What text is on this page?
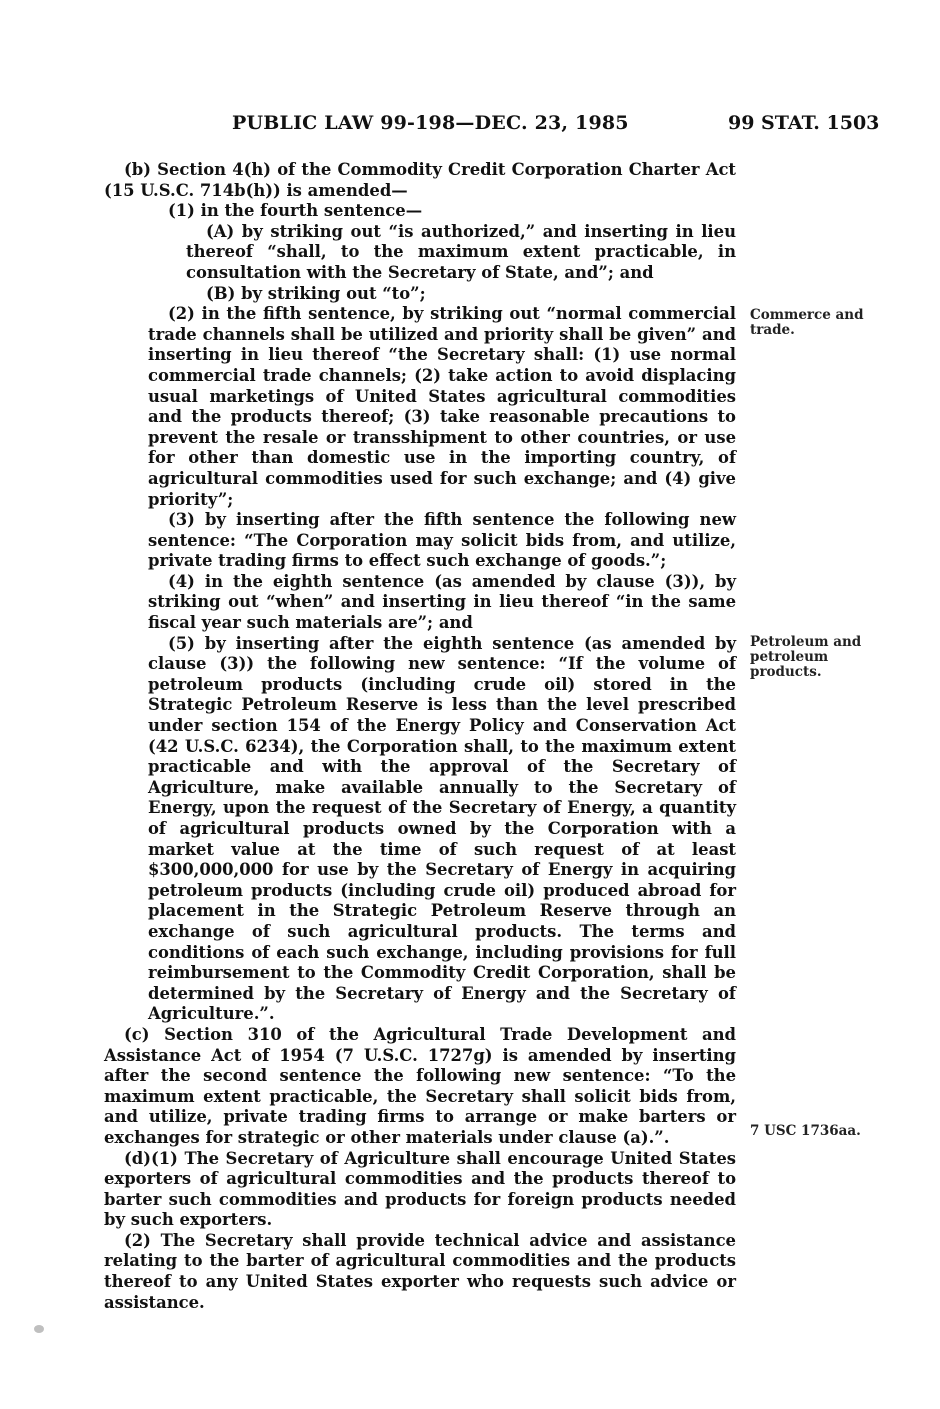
PUBLIC LAW 99-198—DEC. 23, 1985	99 STAT. 1503

(b) Section 4(h) of the Commodity Credit Corporation Charter Act (15 U.S.C. 714b(h)) is amended—

(1) in the fourth sentence—

(A) by striking out “is authorized,” and inserting in lieu thereof “shall, to the maximum extent practicable, in consultation with the Secretary of State, and”; and

(B) by striking out “to”;

(2) in the fifth sentence, by striking out “normal commercial trade channels shall be utilized and priority shall be given” and inserting in lieu thereof “the Secretary shall: (1) use normal commercial trade channels; (2) take action to avoid displacing usual marketings of United States agricultural commodities and the products thereof; (3) take reasonable precautions to prevent the resale or transshipment to other countries, or use for other than domestic use in the importing country, of agricultural commodities used for such exchange; and (4) give priority”;

(3) by inserting after the fifth sentence the following new sentence: “The Corporation may solicit bids from, and utilize, private trading firms to effect such exchange of goods.”;

(4) in the eighth sentence (as amended by clause (3)), by striking out “when” and inserting in lieu thereof “in the same fiscal year such materials are”; and

(5) by inserting after the eighth sentence (as amended by clause (3)) the following new sentence: “If the volume of petroleum products (including crude oil) stored in the Strategic Petroleum Reserve is less than the level prescribed under section 154 of the Energy Policy and Conservation Act (42 U.S.C. 6234), the Corporation shall, to the maximum extent practicable and with the approval of the Secretary of Agriculture, make available annually to the Secretary of Energy, upon the request of the Secretary of Energy, a quantity of agricultural products owned by the Corporation with a market value at the time of such request of at least $300,000,000 for use by the Secretary of Energy in acquiring petroleum products (including crude oil) produced abroad for placement in the Strategic Petroleum Reserve through an exchange of such agricultural products. The terms and conditions of each such exchange, including provisions for full reimbursement to the Commodity Credit Corporation, shall be determined by the Secretary of Energy and the Secretary of Agriculture.”.

(c) Section 310 of the Agricultural Trade Development and Assistance Act of 1954 (7 U.S.C. 1727g) is amended by inserting after the second sentence the following new sentence: “To the maximum extent practicable, the Secretary shall solicit bids from, and utilize, private trading firms to arrange or make barters or exchanges for strategic or other materials under clause (a).”.

(d)(1) The Secretary of Agriculture shall encourage United States exporters of agricultural commodities and the products thereof to barter such commodities and products for foreign products needed by such exporters.

(2) The Secretary shall provide technical advice and assistance relating to the barter of agricultural commodities and the products thereof to any United States exporter who requests such advice or assistance.

Commerce and trade.
Petroleum and petroleum products.
7 USC 1736aa.
